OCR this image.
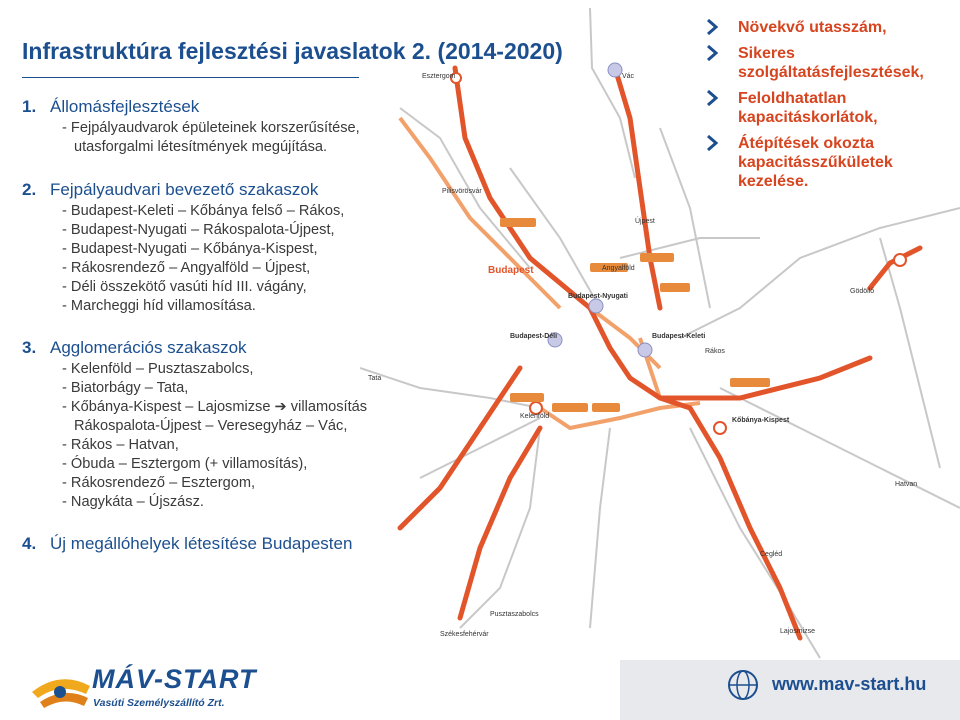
Infrastruktúra fejlesztési javaslatok 2. (2014-2020)
1. Állomásfejlesztések
- Fejpályaudvarok épületeinek korszerűsítése,
utasforgalmi létesítmények megújítása.
2. Fejpályaudvari bevezető szakaszok
- Budapest-Keleti – Kőbánya felső – Rákos,
- Budapest-Nyugati – Rákospalota-Újpest,
- Budapest-Nyugati – Kőbánya-Kispest,
- Rákosrendező – Angyalföld – Újpest,
- Déli összekötő vasúti híd III. vágány,
- Marcheggi híd villamosítása.
3. Agglomerációs szakaszok
- Kelenföld – Pusztaszabolcs,
- Biatorbágy – Tata,
- Kőbánya-Kispest – Lajosmizse ➔ villamosítás
Rákospalota-Újpest – Veresegyház – Vác,
- Rákos – Hatvan,
- Óbuda – Esztergom (+ villamosítás),
- Rákosrendező – Esztergom,
- Nagykáta – Újszász.
4. Új megállóhelyek létesítése Budapesten
Esztergom	Vác
Pilisvörösvár
Budapest
Budapest-Nyugati
Budapest-Déli	Budapest-Keleti
Kelenföld
Kőbánya-Kispest
Gödöllő
Hatvan
Pusztaszabolcs
Cegléd
Lajosmizse
Tata
Székesfehérvár
Rákos
Újpest
Angyalföld
Növekvő utasszám,
Sikeres szolgáltatásfejlesztések,
Feloldhatatlan kapacitáskorlátok,
Átépítések okozta kapacitásszűkületek kezelése.
MÁV-START
Vasúti Személyszállító Zrt.
www.mav-start.hu
